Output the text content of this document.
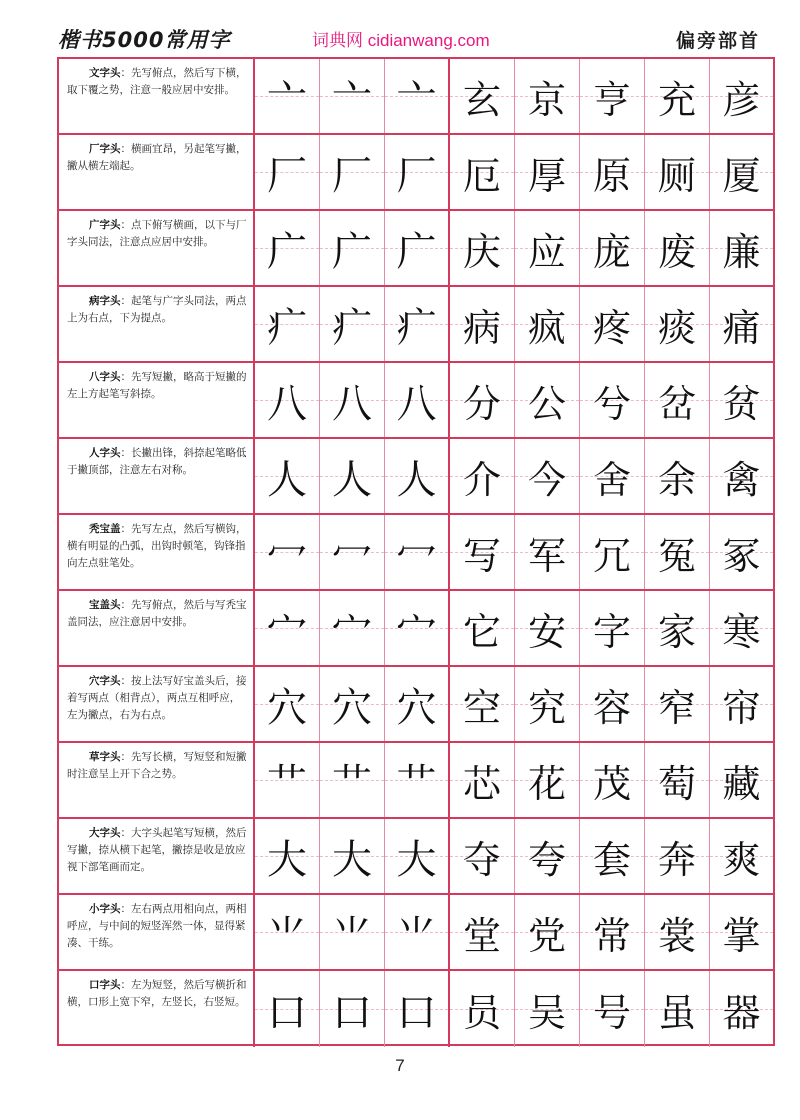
楷书5000常用字	词典网 cidianwang.com	偏旁部首
文字头：先写俯点，然后写下横，取下覆之势，注意一般应居中安排。 亠 亠 亠 玄 京 亨 充 彦
厂字头：横画宜昂，另起笔写撇，撇从横左端起。	厂 厂 厂 厄 厚 原 厕 厦
广字头：点下俯写横画，以下与厂字头同法，注意点应居中安排。	广 广 广 庆 应 庞 废 廉
病字头：起笔与广字头同法，两点上为右点，下为提点。	疒 疒 疒 病 疯 疼 痰 痛
八字头：先写短撇，略高于短撇的左上方起笔写斜捺。	八 八 八 分 公 兮 岔 贫
人字头：长撇出锋，斜捺起笔略低于撇顶部，注意左右对称。	人 人 人 介 今 舍 余 禽
秃宝盖：先写左点，然后写横钩，横有明显的凸弧，出钩时顿笔，钩锋指向左点驻笔处。	冖 冖 冖 写 军 冗 冤 冢
宝盖头：先写俯点，然后与写秃宝盖同法，应注意居中安排。	宀 宀 宀 它 安 字 家 寒
穴字头：按上法写好宝盖头后，接着写两点（相背点），两点互相呼应，左为撇点，右为右点。	穴 穴 穴 空 究 容 窄 帘
草字头：先写长横，写短竖和短撇时注意呈上开下合之势。	艹 艹 艹 芯 花 茂 萄 藏
大字头：大字头起笔写短横，然后写撇，捺从横下起笔，撇捺是收是放应视下部笔画而定。	大 大 大 夺 夸 套 奔 爽
小字头：左右两点用相向点，两相呼应，与中间的短竖浑然一体，显得紧凑、干练。	⺌ ⺌ ⺌ 堂 党 常 裳 掌
口字头：左为短竖，然后写横折和横，口形上宽下窄，左竖长，右竖短。 口 口 口 员 吴 号 虽 器
7
